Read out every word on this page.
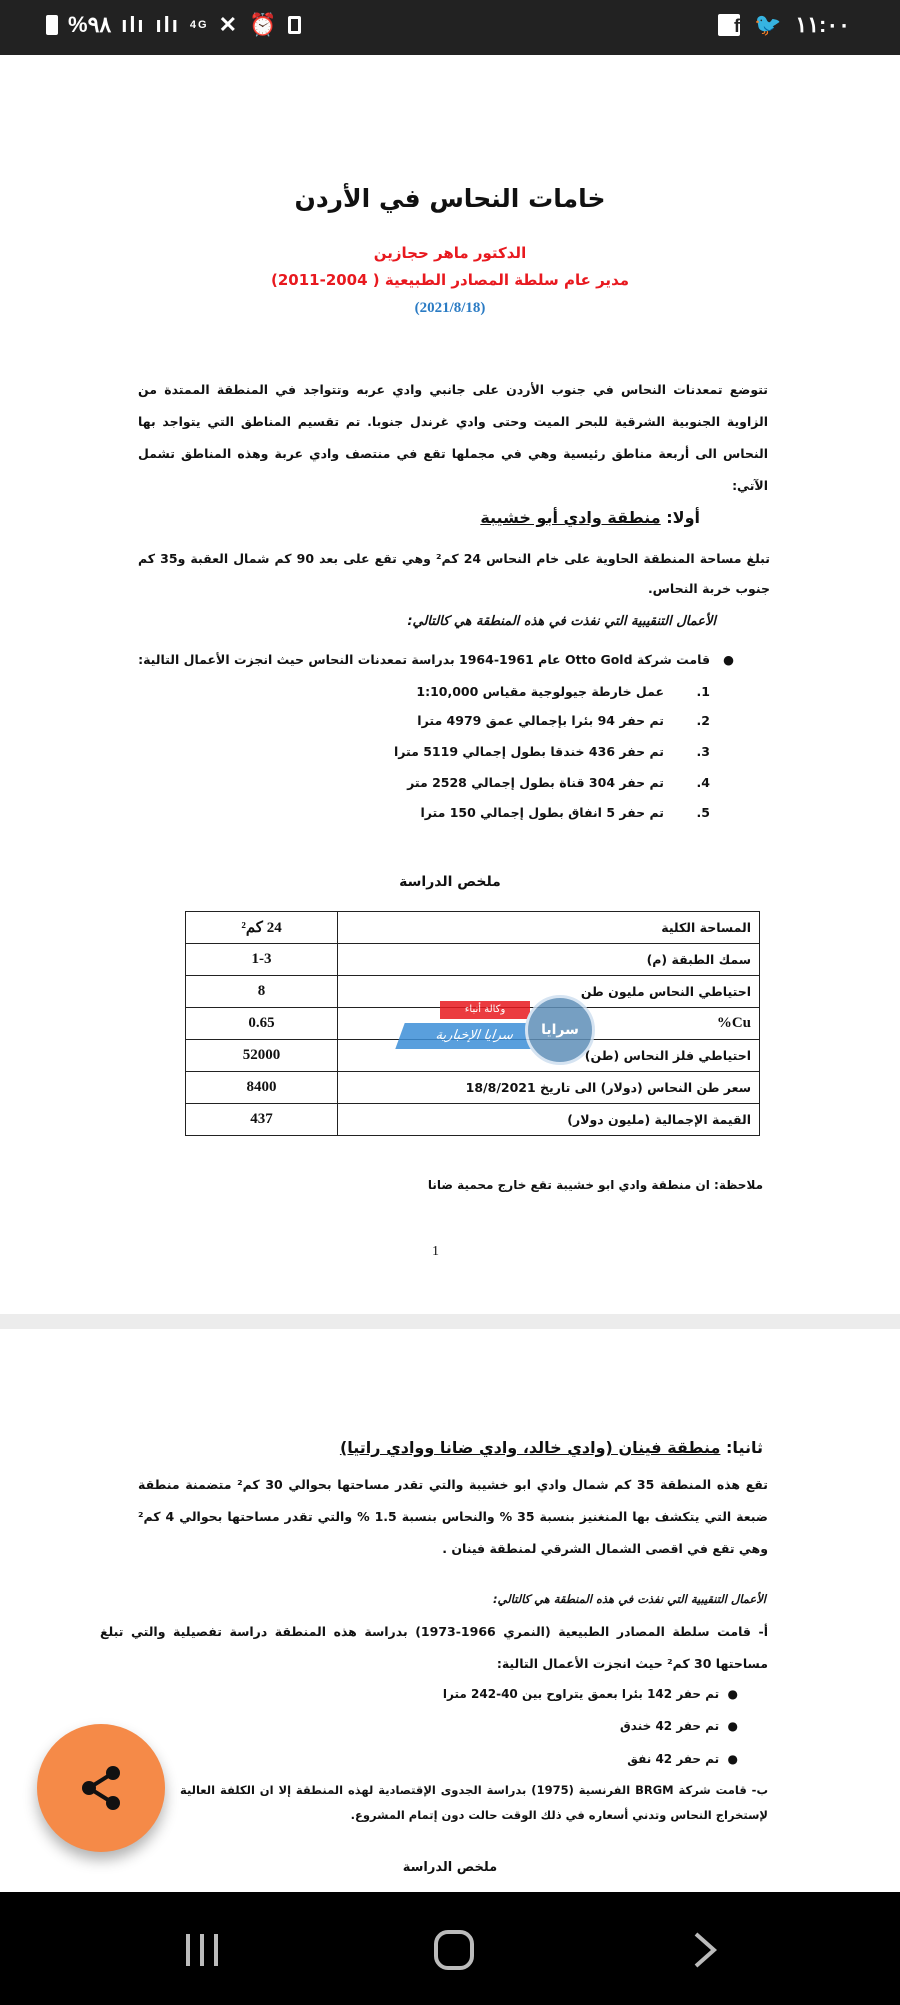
%٩٨ ılı ılı 4G ✕ ⏰	f 🐦 ١١:٠٠
خامات النحاس في الأردن
الدكتور ماهر حجازين
مدير عام سلطة المصادر الطبيعية ( 2004-2011)
(2021/8/18)
تتوضع تمعدنات النحاس في جنوب الأردن على جانبي وادي عربه وتتواجد في المنطقة الممتدة من الزاوية الجنوبية الشرقية للبحر الميت وحتى وادي غرندل جنوبا. تم تقسيم المناطق التي يتواجد بها النحاس الى أربعة مناطق رئيسية وهي في مجملها تقع في منتصف وادي عربة وهذه المناطق تشمل الآتي:
أولا: منطقة وادي أبو خشيبة
تبلغ مساحة المنطقة الحاوية على خام النحاس 24 كم² وهي تقع على بعد 90 كم شمال العقبة و35 كم جنوب خربة النحاس.
الأعمال التنقيبية التي نفذت في هذه المنطقة هي كالتالي:
●   قامت شركة Otto Gold عام 1961-1964 بدراسة تمعدنات النحاس حيث انجزت الأعمال التالية:
1.عمل خارطة جيولوجية مقياس 1:10,000
2.تم حفر 94 بئرا بإجمالي عمق 4979 مترا
3.تم حفر 436 خندقا بطول إجمالي 5119 مترا
4.تم حفر 304 قناة بطول إجمالي 2528 متر
5.تم حفر 5 انفاق بطول إجمالي 150 مترا
ملخص الدراسة
المساحة الكلية	24 كم²
سمك الطبقة (م)	1-3
احتياطي النحاس مليون طن	8
Cu%	0.65
احتياطي فلز النحاس (طن)	52000
سعر طن النحاس (دولار) الى تاريخ 18/8/2021	8400
القيمة الإجمالية (مليون دولار)	437
سرايا الإخبارية
وكالة أنباء
سرايا
ملاحظة: ان منطقة وادي ابو خشيبة تقع خارج محمية ضانا
1
ثانيا: منطقة فينان (وادي خالد، وادي ضانا ووادي راتيا)
تقع هذه المنطقة 35 كم شمال وادي ابو خشيبة والتي تقدر مساحتها بحوالي 30 كم² متضمنة منطقة ضبعة التي يتكشف بها المنغنيز بنسبة 35 % والنحاس بنسبة 1.5 % والتي تقدر مساحتها بحوالي 4 كم² وهي تقع في اقصى الشمال الشرقي لمنطقة فينان .
الأعمال التنقيبية التي نفذت في هذه المنطقة هي كالتالي:
أ- قامت سلطة المصادر الطبيعية (النمري 1966-1973) بدراسة هذه المنطقة دراسة تفصيلية والتي تبلغ مساحتها 30 كم² حيث انجزت الأعمال التالية:
●  تم حفر 142 بئرا بعمق يتراوح بين 40-242 مترا
●  تم حفر 42 خندق
●  تم حفر 42 نفق
ب- قامت شركة BRGM الفرنسية (1975) بدراسة الجدوى الإقتصادية لهذه المنطقة إلا ان الكلفة العالية لإستخراج النحاس وتدني أسعاره في ذلك الوقت حالت دون إتمام المشروع.
ملخص الدراسة
